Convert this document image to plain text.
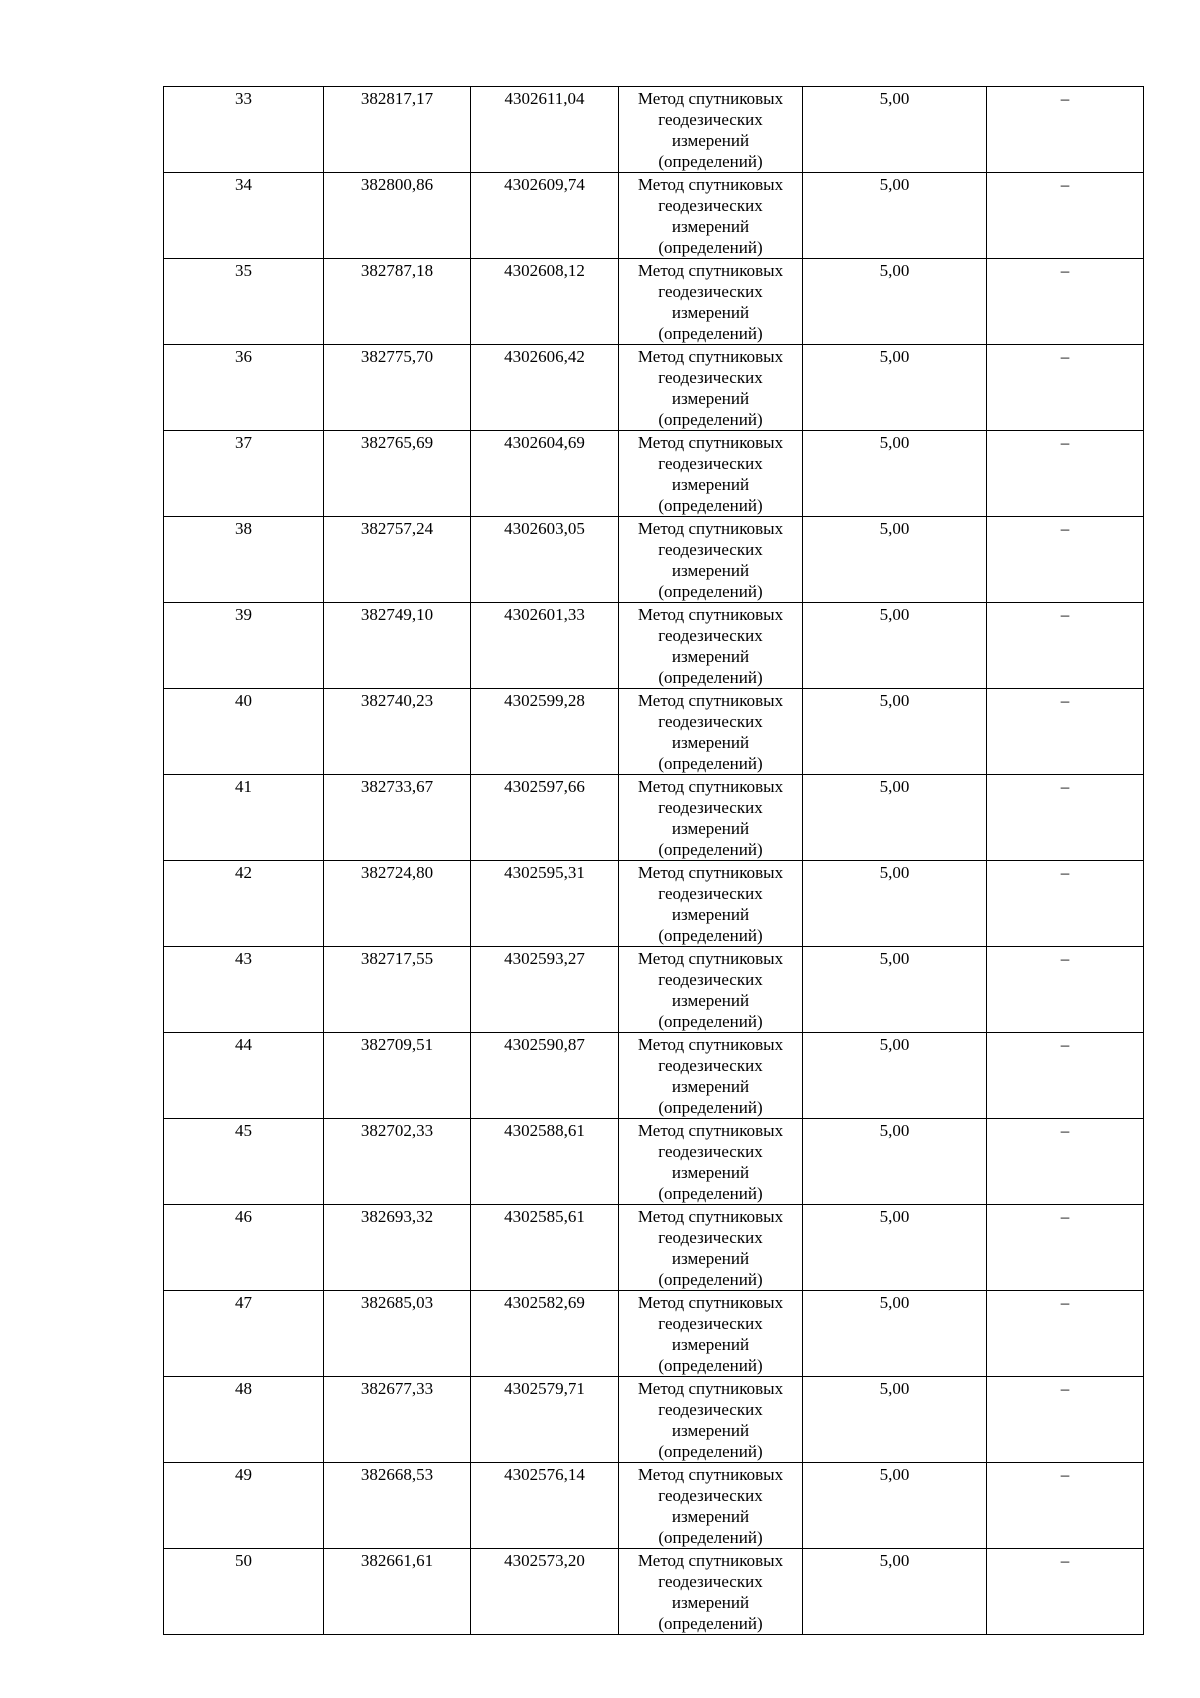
33	382817,17	4302611,04	Метод спутниковых геодезических измерений (определений)	5,00	–
34	382800,86	4302609,74	Метод спутниковых геодезических измерений (определений)	5,00	–
35	382787,18	4302608,12	Метод спутниковых геодезических измерений (определений)	5,00	–
36	382775,70	4302606,42	Метод спутниковых геодезических измерений (определений)	5,00	–
37	382765,69	4302604,69	Метод спутниковых геодезических измерений (определений)	5,00	–
38	382757,24	4302603,05	Метод спутниковых геодезических измерений (определений)	5,00	–
39	382749,10	4302601,33	Метод спутниковых геодезических измерений (определений)	5,00	–
40	382740,23	4302599,28	Метод спутниковых геодезических измерений (определений)	5,00	–
41	382733,67	4302597,66	Метод спутниковых геодезических измерений (определений)	5,00	–
42	382724,80	4302595,31	Метод спутниковых геодезических измерений (определений)	5,00	–
43	382717,55	4302593,27	Метод спутниковых геодезических измерений (определений)	5,00	–
44	382709,51	4302590,87	Метод спутниковых геодезических измерений (определений)	5,00	–
45	382702,33	4302588,61	Метод спутниковых геодезических измерений (определений)	5,00	–
46	382693,32	4302585,61	Метод спутниковых геодезических измерений (определений)	5,00	–
47	382685,03	4302582,69	Метод спутниковых геодезических измерений (определений)	5,00	–
48	382677,33	4302579,71	Метод спутниковых геодезических измерений (определений)	5,00	–
49	382668,53	4302576,14	Метод спутниковых геодезических измерений (определений)	5,00	–
50	382661,61	4302573,20	Метод спутниковых геодезических измерений (определений)	5,00	–
